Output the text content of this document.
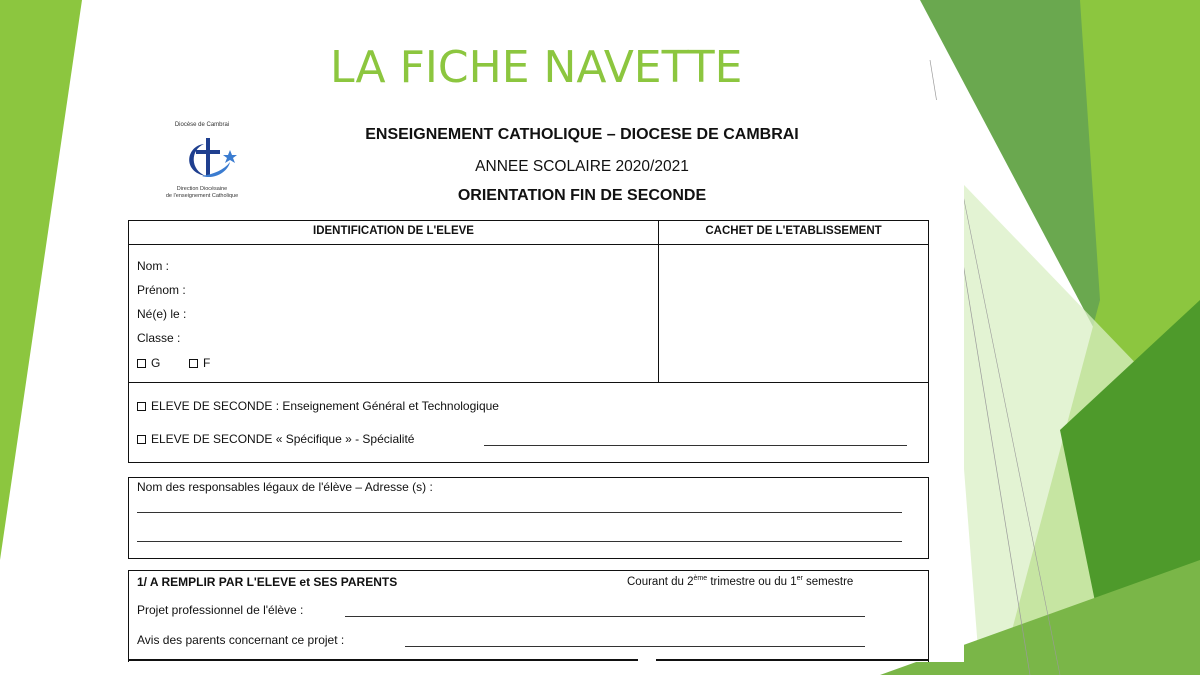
LA FICHE NAVETTE
Diocèse de Cambrai
Direction Diocésaine
de l'enseignement Catholique
ENSEIGNEMENT CATHOLIQUE – DIOCESE DE CAMBRAI
ANNEE SCOLAIRE 2020/2021
ORIENTATION FIN DE SECONDE
IDENTIFICATION DE L'ELEVE	CACHET DE L'ETABLISSEMENT
Nom :
Prénom :
Né(e) le :
Classe :
G	F
ELEVE DE SECONDE : Enseignement Général et Technologique
ELEVE DE SECONDE « Spécifique » - Spécialité
Nom des responsables légaux de l'élève – Adresse (s) :
1/ A REMPLIR PAR L'ELEVE et SES PARENTS	Courant du 2ème trimestre ou du 1er semestre
Projet professionnel de l'élève :
Avis des parents concernant ce projet :
